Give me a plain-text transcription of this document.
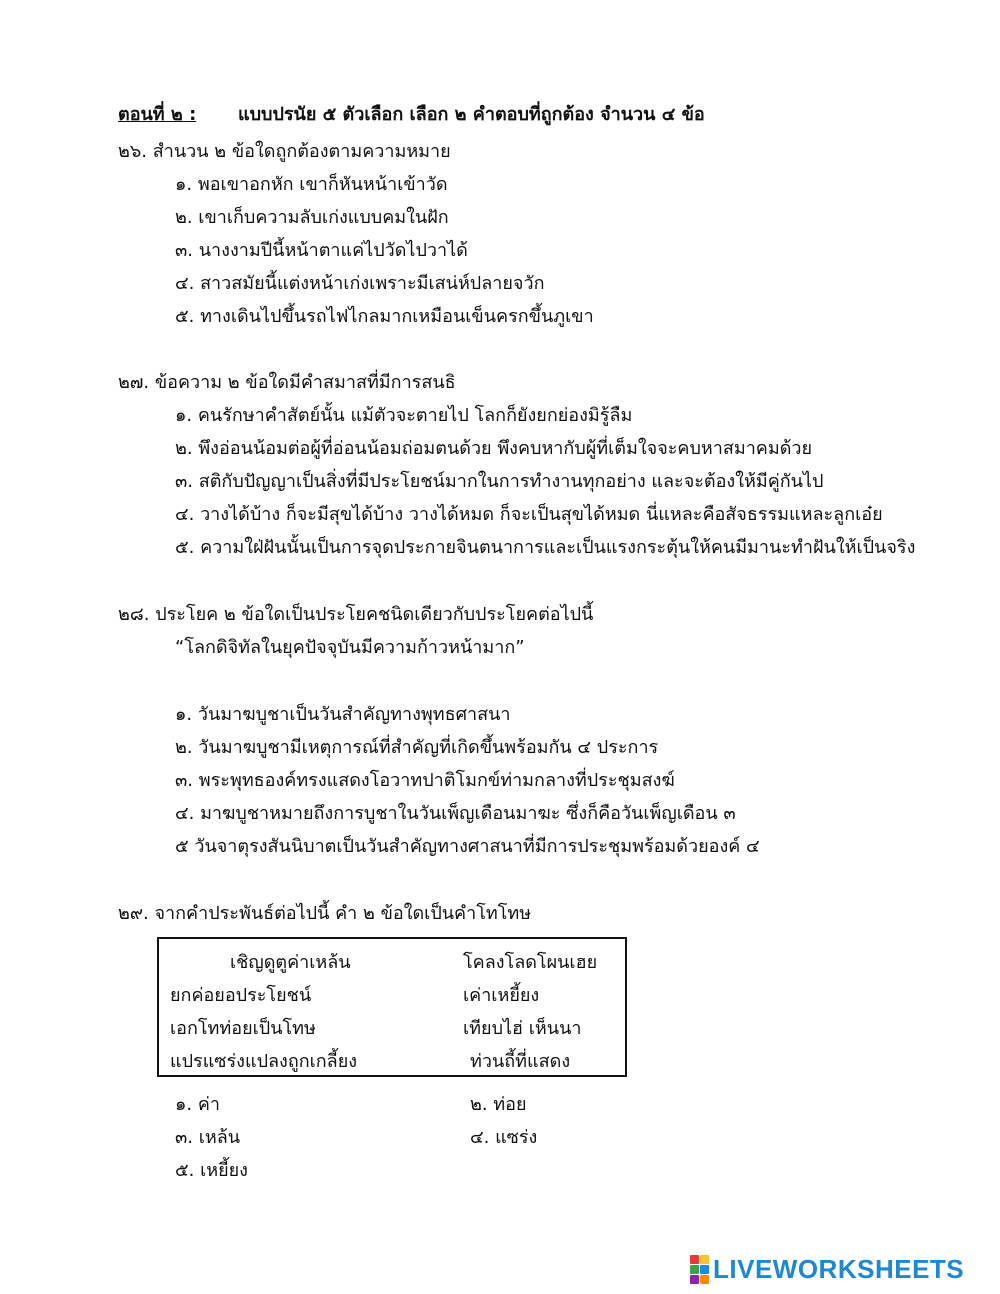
ตอนที่ ๒ : แบบปรนัย ๕ ตัวเลือก เลือก ๒ คำตอบที่ถูกต้อง จำนวน ๔ ข้อ
๒๖. สำนวน ๒ ข้อใดถูกต้องตามความหมาย
๑. พอเขาอกหัก เขาก็หันหน้าเข้าวัด
๒. เขาเก็บความลับเก่งแบบคมในฝัก
๓. นางงามปีนี้หน้าตาแค่ไปวัดไปวาได้
๔. สาวสมัยนี้แต่งหน้าเก่งเพราะมีเสน่ห์ปลายจวัก
๕. ทางเดินไปขึ้นรถไฟไกลมากเหมือนเข็นครกขึ้นภูเขา
๒๗. ข้อความ ๒ ข้อใดมีคำสมาสที่มีการสนธิ
๑. คนรักษาคำสัตย์นั้น แม้ตัวจะตายไป โลกก็ยังยกย่องมิรู้ลืม
๒. พึงอ่อนน้อมต่อผู้ที่อ่อนน้อมถ่อมตนด้วย พึงคบหากับผู้ที่เต็มใจจะคบหาสมาคมด้วย
๓. สติกับปัญญาเป็นสิ่งที่มีประโยชน์มากในการทำงานทุกอย่าง และจะต้องให้มีคู่กันไป
๔. วางได้บ้าง ก็จะมีสุขได้บ้าง วางได้หมด ก็จะเป็นสุขได้หมด นี่แหละคือสัจธรรมแหละลูกเอ๋ย
๕. ความใฝ่ฝันนั้นเป็นการจุดประกายจินตนาการและเป็นแรงกระตุ้นให้คนมีมานะทำฝันให้เป็นจริง
๒๘. ประโยค ๒ ข้อใดเป็นประโยคชนิดเดียวกับประโยคต่อไปนี้
“โลกดิจิทัลในยุคปัจจุบันมีความก้าวหน้ามาก”
๑. วันมาฆบูชาเป็นวันสำคัญทางพุทธศาสนา
๒. วันมาฆบูชามีเหตุการณ์ที่สำคัญที่เกิดขึ้นพร้อมกัน ๔ ประการ
๓. พระพุทธองค์ทรงแสดงโอวาทปาติโมกข์ท่ามกลางที่ประชุมสงฆ์
๔. มาฆบูชาหมายถึงการบูชาในวันเพ็ญเดือนมาฆะ ซึ่งก็คือวันเพ็ญเดือน ๓
๕ วันจาตุรงสันนิบาตเป็นวันสำคัญทางศาสนาที่มีการประชุมพร้อมด้วยองค์ ๔
๒๙. จากคำประพันธ์ต่อไปนี้ คำ ๒ ข้อใดเป็นคำโทโทษ
เชิญดูตูค่าเหล้น	โคลงโลดโผนเฮย
ยกค่อยอประโยชน์	เค่าเหยี้ยง
เอกโทท่อยเป็นโทษ	เทียบไฮ่ เห็นนา
แปรแซร่งแปลงถูกเกลี้ยง	ท่วนถี้ที่แสดง
๑. ค่า	๒. ท่อย
๓. เหล้น	๔. แซร่ง
๕. เหยี้ยง
LIVEWORKSHEETS
